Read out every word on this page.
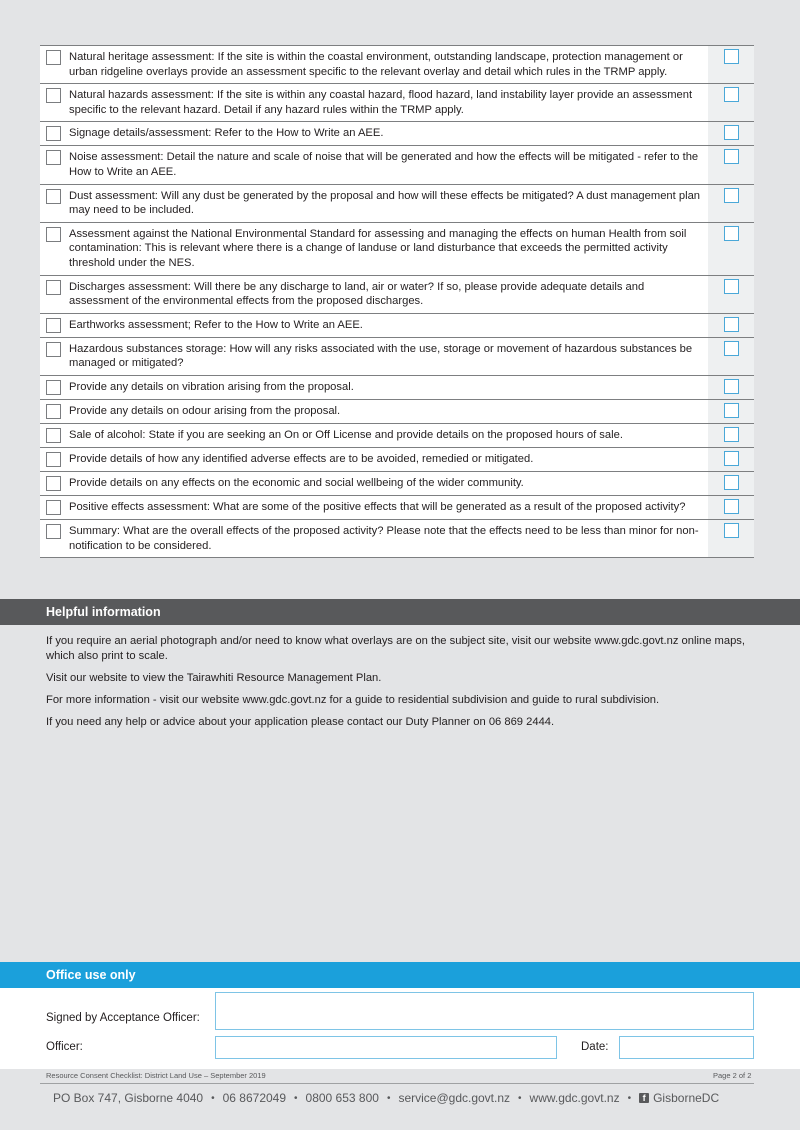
Natural heritage assessment: If the site is within the coastal environment, outstanding landscape, protection management or urban ridgeline overlays provide an assessment specific to the relevant overlay and detail which rules in the TRMP apply.
Natural hazards assessment: If the site is within any coastal hazard, flood hazard, land instability layer provide an assessment specific to the relevant hazard. Detail if any hazard rules within the TRMP apply.
Signage details/assessment: Refer to the How to Write an AEE.
Noise assessment: Detail the nature and scale of noise that will be generated and how the effects will be mitigated - refer to the How to Write an AEE.
Dust assessment: Will any dust be generated by the proposal and how will these effects be mitigated? A dust management plan may need to be included.
Assessment against the National Environmental Standard for assessing and managing the effects on human Health from soil contamination: This is relevant where there is a change of landuse or land disturbance that exceeds the permitted activity threshold under the NES.
Discharges assessment: Will there be any discharge to land, air or water? If so, please provide adequate details and assessment of the environmental effects from the proposed discharges.
Earthworks assessment; Refer to the How to Write an AEE.
Hazardous substances storage: How will any risks associated with the use, storage or movement of hazardous substances be managed or mitigated?
Provide any details on vibration arising from the proposal.
Provide any details on odour arising from the proposal.
Sale of alcohol: State if you are seeking an On or Off License and provide details on the proposed hours of sale.
Provide details of how any identified adverse effects are to be avoided, remedied or mitigated.
Provide details on any effects on the economic and social wellbeing of the wider community.
Positive effects assessment: What are some of the positive effects that will be generated as a result of the proposed activity?
Summary: What are the overall effects of the proposed activity? Please note that the effects need to be less than minor for non-notification to be considered.
Helpful information

If you require an aerial photograph and/or need to know what overlays are on the subject site, visit our website www.gdc.govt.nz online maps, which also print to scale.

Visit our website to view the Tairawhiti Resource Management Plan.

For more information - visit our website www.gdc.govt.nz for a guide to residential subdivision and guide to rural subdivision.

If you need any help or advice about your application please contact our Duty Planner on 06 869 2444.

Office use only
Signed by Acceptance Officer:
Officer:	Date:
Resource Consent Checklist: District Land Use – September 2019	Page 2 of 2
PO Box 747, Gisborne 4040 • 06 8672049 • 0800 653 800 • service@gdc.govt.nz • www.gdc.govt.nz •	f GisborneDC
